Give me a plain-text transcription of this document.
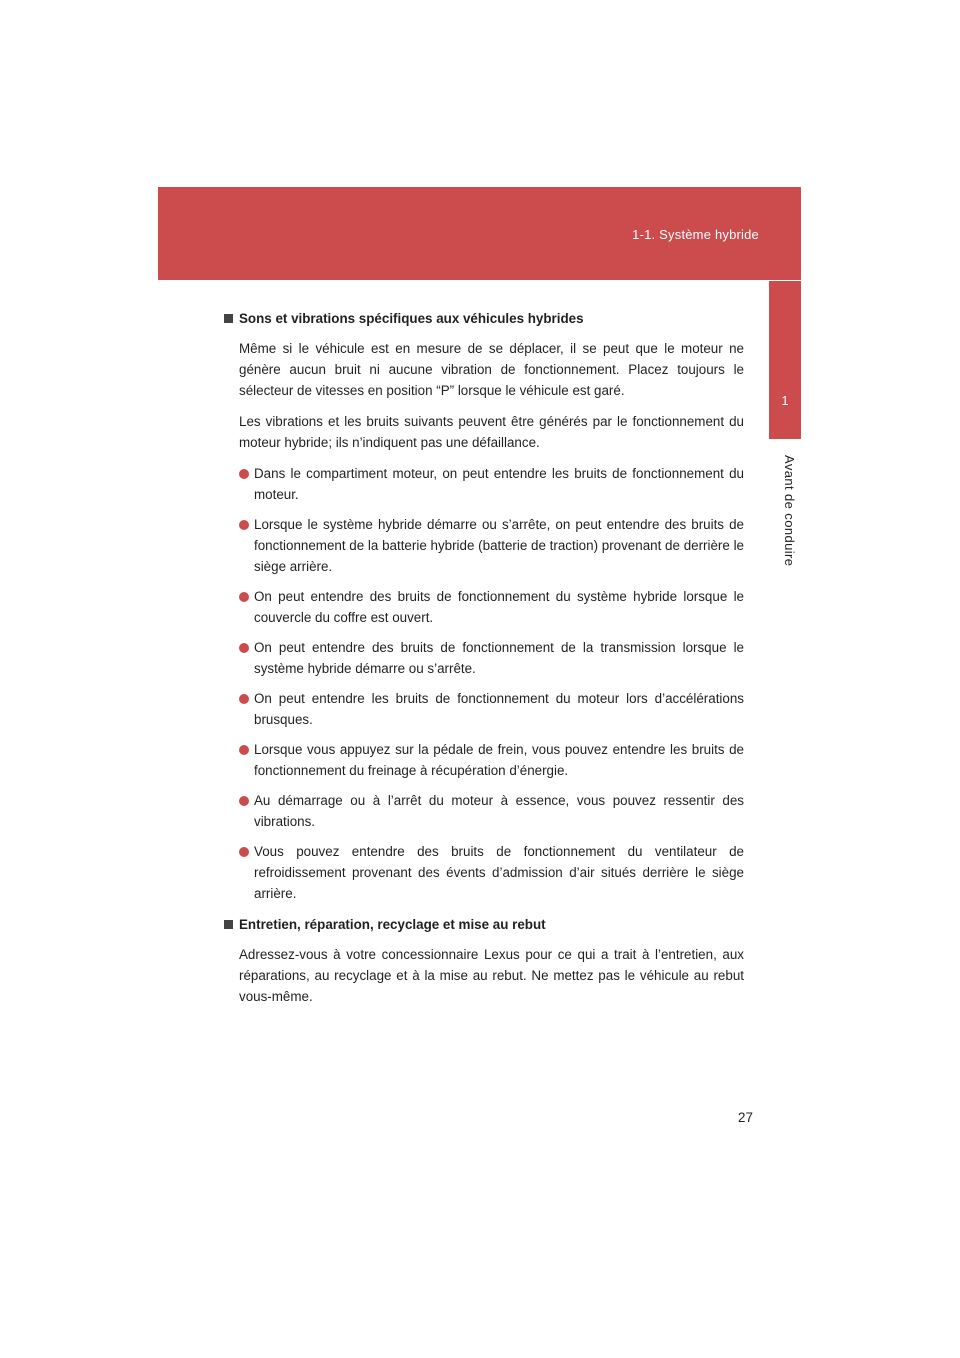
1-1. Système hybride
1
Avant de conduire
Sons et vibrations spécifiques aux véhicules hybrides

Même si le véhicule est en mesure de se déplacer, il se peut que le moteur ne génère aucun bruit ni aucune vibration de fonctionnement. Placez toujours le sélecteur de vitesses en position “P” lorsque le véhicule est garé.

Les vibrations et les bruits suivants peuvent être générés par le fonctionnement du moteur hybride; ils n’indiquent pas une défaillance.

Dans le compartiment moteur, on peut entendre les bruits de fonctionnement du moteur.
Lorsque le système hybride démarre ou s’arrête, on peut entendre des bruits de fonctionnement de la batterie hybride (batterie de traction) provenant de derrière le siège arrière.
On peut entendre des bruits de fonctionnement du système hybride lorsque le couvercle du coffre est ouvert.
On peut entendre des bruits de fonctionnement de la transmission lorsque le système hybride démarre ou s’arrête.
On peut entendre les bruits de fonctionnement du moteur lors d’accélérations brusques.
Lorsque vous appuyez sur la pédale de frein, vous pouvez entendre les bruits de fonctionnement du freinage à récupération d’énergie.
Au démarrage ou à l’arrêt du moteur à essence, vous pouvez ressentir des vibrations.
Vous pouvez entendre des bruits de fonctionnement du ventilateur de refroidissement provenant des évents d’admission d’air situés derrière le siège arrière.
Entretien, réparation, recyclage et mise au rebut

Adressez-vous à votre concessionnaire Lexus pour ce qui a trait à l’entretien, aux réparations, au recyclage et à la mise au rebut. Ne mettez pas le véhicule au rebut vous-même.

27
